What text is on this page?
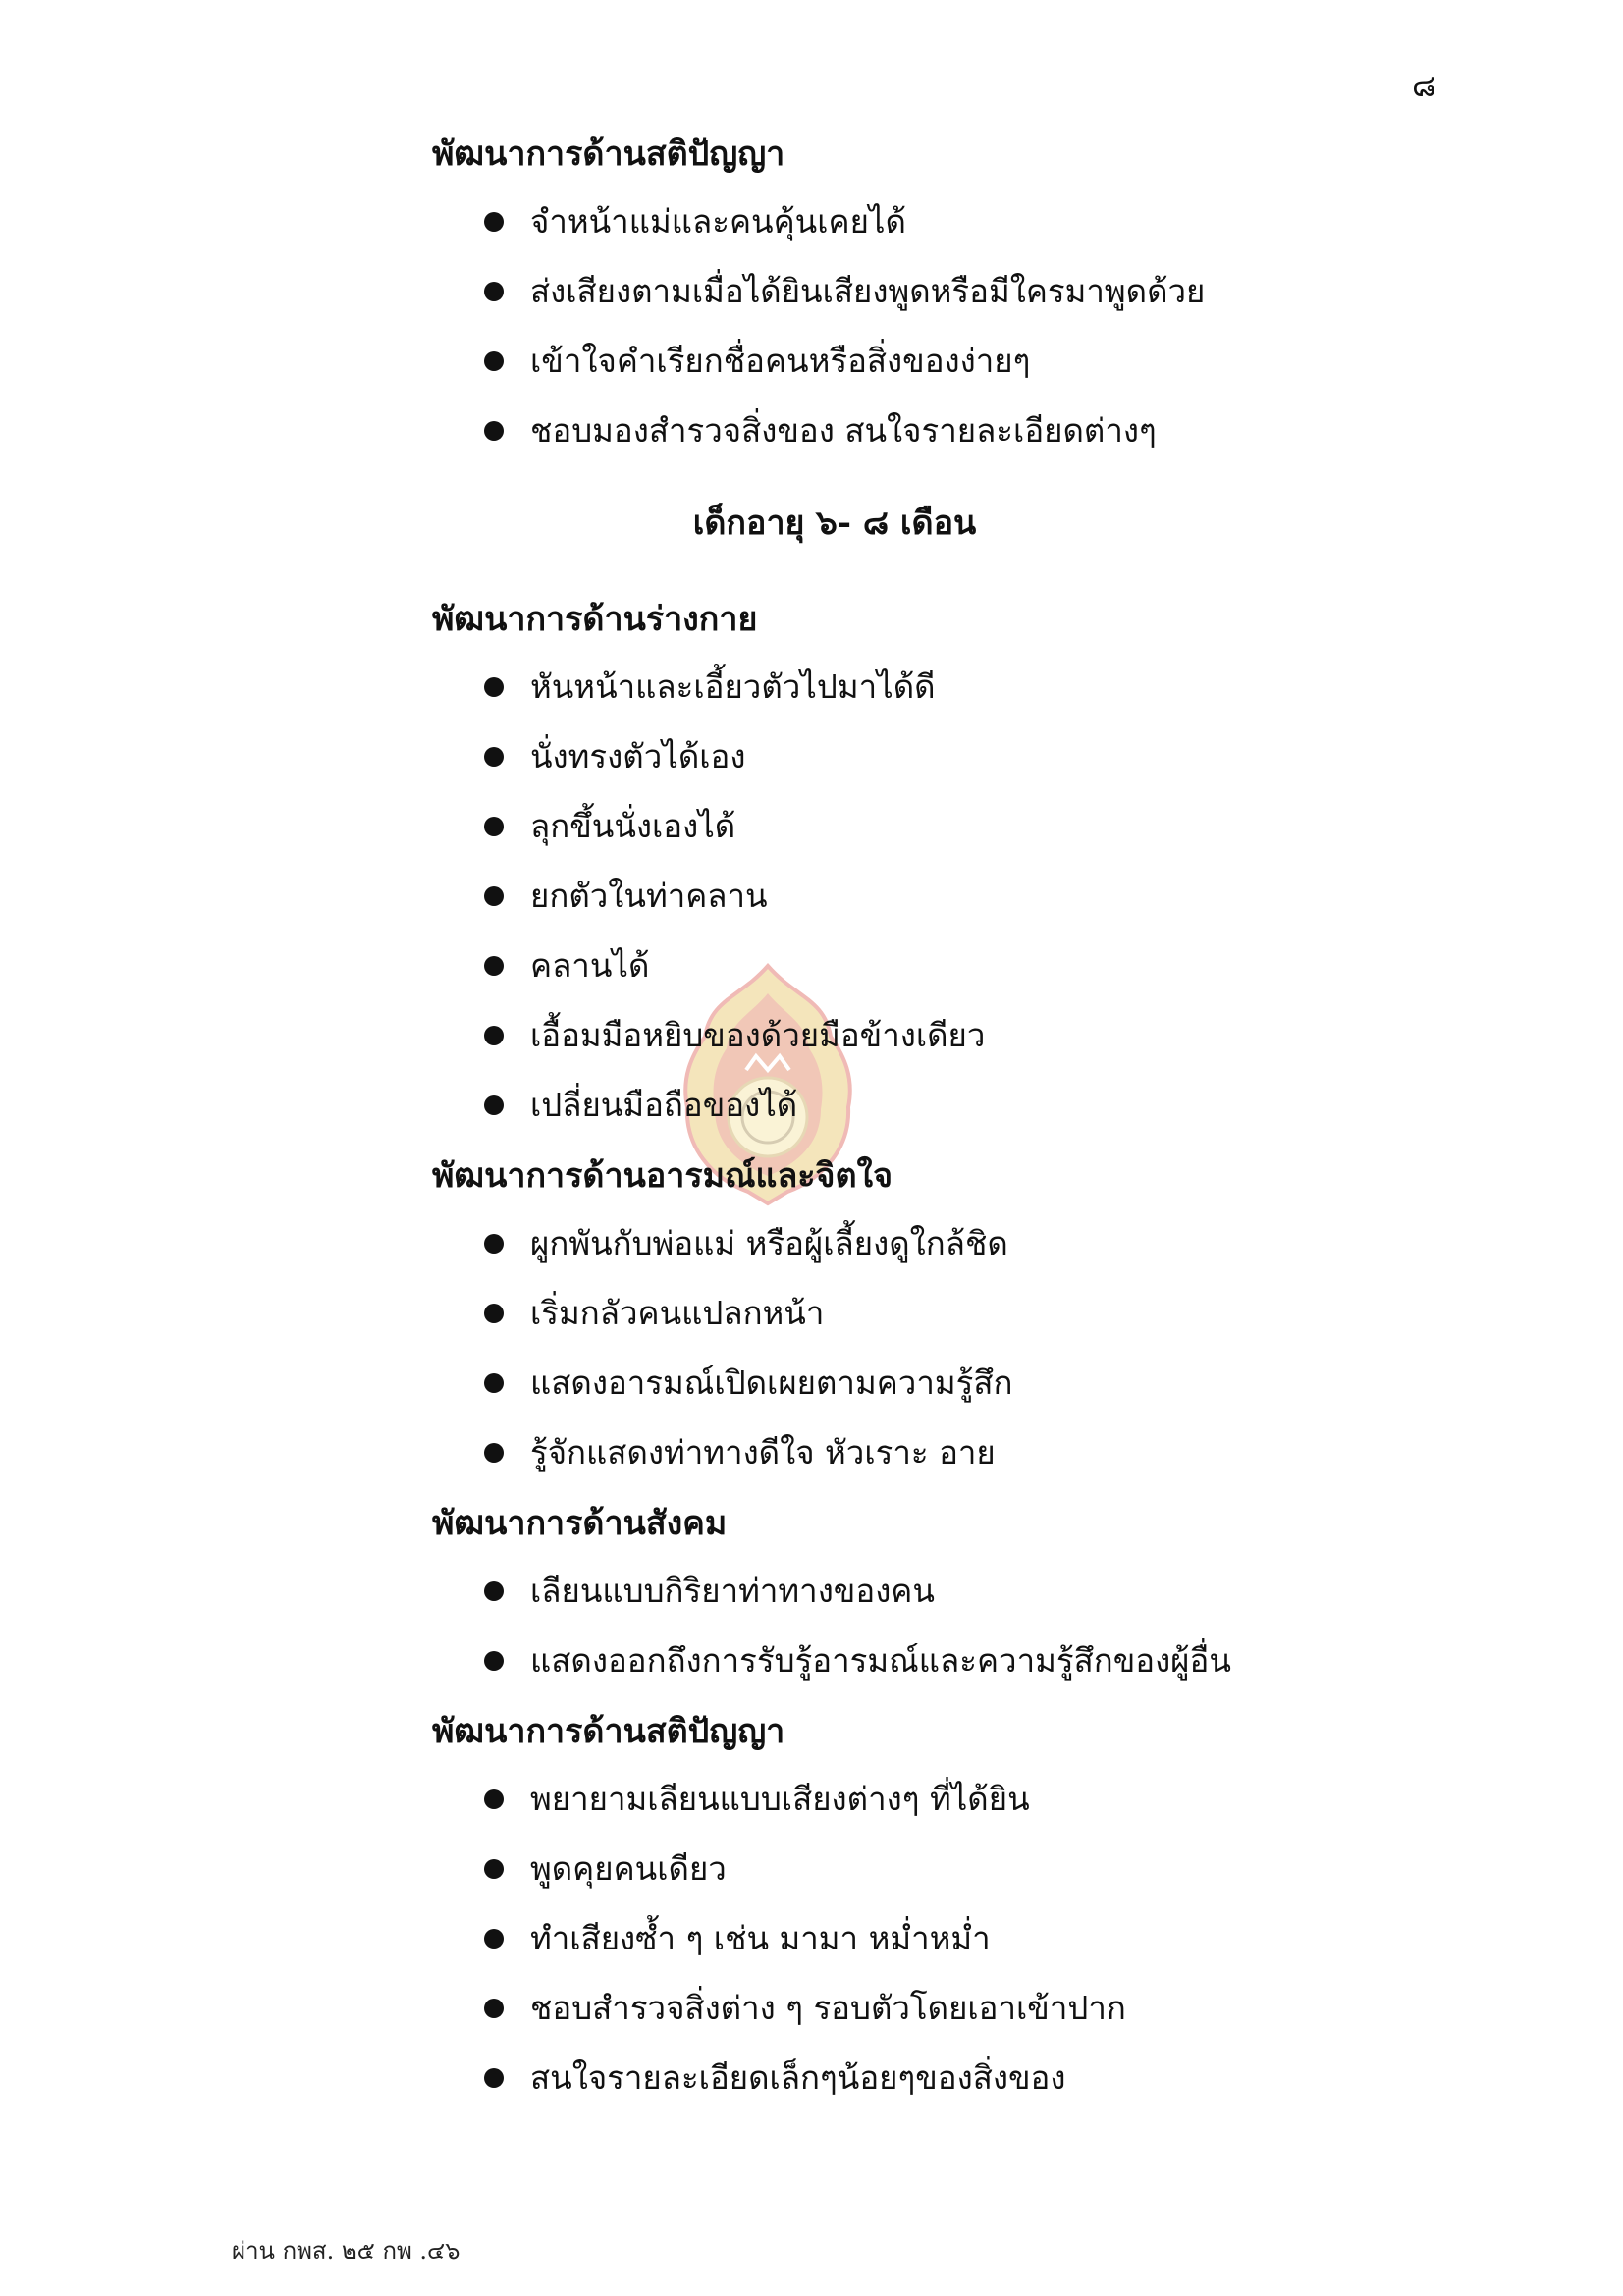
๘
พัฒนาการด้านสติปัญญา
จำหน้าแม่และคนคุ้นเคยได้
ส่งเสียงตามเมื่อได้ยินเสียงพูดหรือมีใครมาพูดด้วย
เข้าใจคำเรียกชื่อคนหรือสิ่งของง่ายๆ
ชอบมองสำรวจสิ่งของ สนใจรายละเอียดต่างๆ
เด็กอายุ ๖- ๘ เดือน
พัฒนาการด้านร่างกาย
หันหน้าและเอี้ยวตัวไปมาได้ดี
นั่งทรงตัวได้เอง
ลุกขึ้นนั่งเองได้
ยกตัวในท่าคลาน
คลานได้
เอื้อมมือหยิบของด้วยมือข้างเดียว
เปลี่ยนมือถือของได้
พัฒนาการด้านอารมณ์และจิตใจ
ผูกพันกับพ่อแม่ หรือผู้เลี้ยงดูใกล้ชิด
เริ่มกลัวคนแปลกหน้า
แสดงอารมณ์เปิดเผยตามความรู้สึก
รู้จักแสดงท่าทางดีใจ หัวเราะ อาย
พัฒนาการด้านสังคม
เลียนแบบกิริยาท่าทางของคน
แสดงออกถึงการรับรู้อารมณ์และความรู้สึกของผู้อื่น
พัฒนาการด้านสติปัญญา
พยายามเลียนแบบเสียงต่างๆ ที่ได้ยิน
พูดคุยคนเดียว
ทำเสียงซ้ำ ๆ เช่น มามา หม่ำหม่ำ
ชอบสำรวจสิ่งต่าง ๆ รอบตัวโดยเอาเข้าปาก
สนใจรายละเอียดเล็กๆน้อยๆของสิ่งของ
ผ่าน กพส. ๒๕ กพ .๔๖
